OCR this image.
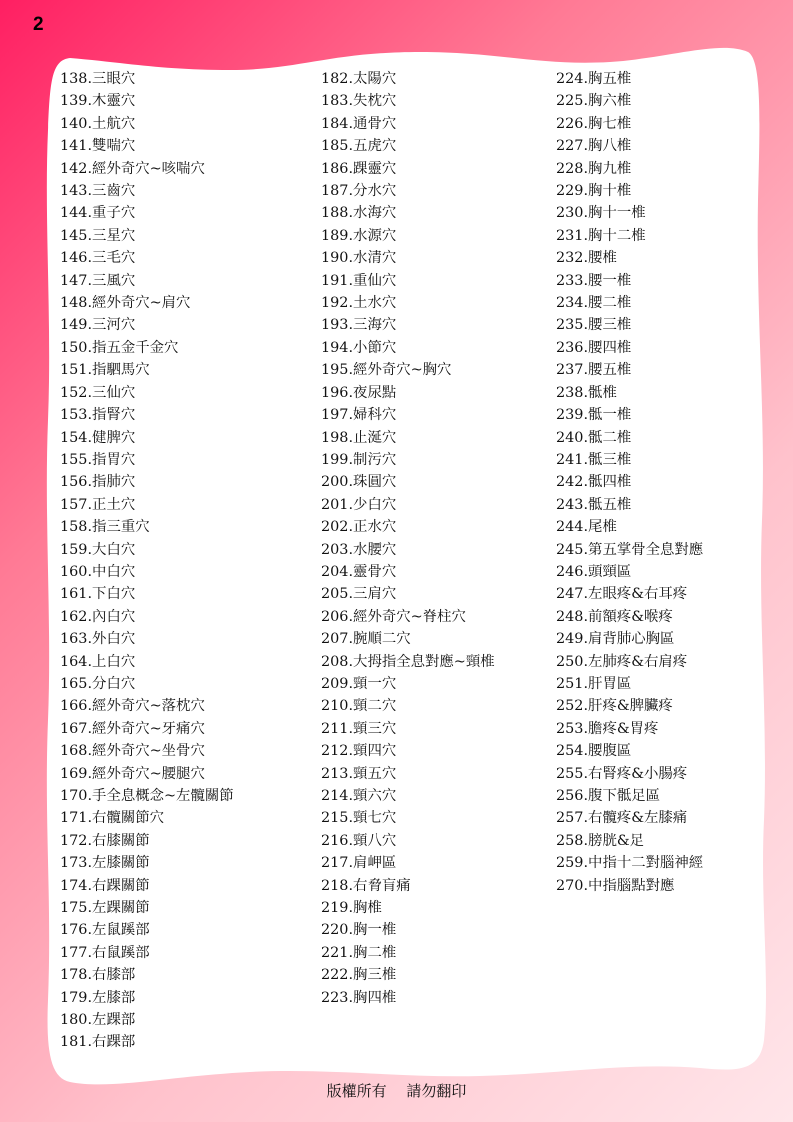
2
138.三眼穴
139.木靈穴
140.土航穴
141.雙喘穴
142.經外奇穴~咳喘穴
143.三齒穴
144.重子穴
145.三星穴
146.三毛穴
147.三風穴
148.經外奇穴~肩穴
149.三河穴
150.指五金千金穴
151.指駟馬穴
152.三仙穴
153.指腎穴
154.健脾穴
155.指胃穴
156.指肺穴
157.正土穴
158.指三重穴
159.大白穴
160.中白穴
161.下白穴
162.內白穴
163.外白穴
164.上白穴
165.分白穴
166.經外奇穴~落枕穴
167.經外奇穴~牙痛穴
168.經外奇穴~坐骨穴
169.經外奇穴~腰腿穴
170.手全息概念~左髖關節
171.右髖關節穴
172.右膝關節
173.左膝關節
174.右踝關節
175.左踝關節
176.左鼠蹊部
177.右鼠蹊部
178.右膝部
179.左膝部
180.左踝部
181.右踝部
182.太陽穴
183.失枕穴
184.通骨穴
185.五虎穴
186.踝靈穴
187.分水穴
188.水海穴
189.水源穴
190.水清穴
191.重仙穴
192.土水穴
193.三海穴
194.小節穴
195.經外奇穴~胸穴
196.夜尿點
197.婦科穴
198.止涎穴
199.制污穴
200.珠圓穴
201.少白穴
202.正水穴
203.水腰穴
204.靈骨穴
205.三肩穴
206.經外奇穴~脊柱穴
207.腕順二穴
208.大拇指全息對應~頸椎
209.頸一穴
210.頸二穴
211.頸三穴
212.頸四穴
213.頸五穴
214.頸六穴
215.頸七穴
216.頸八穴
217.肩岬區
218.右脅肓痛
219.胸椎
220.胸一椎
221.胸二椎
222.胸三椎
223.胸四椎
224.胸五椎
225.胸六椎
226.胸七椎
227.胸八椎
228.胸九椎
229.胸十椎
230.胸十一椎
231.胸十二椎
232.腰椎
233.腰一椎
234.腰二椎
235.腰三椎
236.腰四椎
237.腰五椎
238.骶椎
239.骶一椎
240.骶二椎
241.骶三椎
242.骶四椎
243.骶五椎
244.尾椎
245.第五掌骨全息對應
246.頭頸區
247.左眼疼&右耳疼
248.前額疼&喉疼
249.肩背肺心胸區
250.左肺疼&右肩疼
251.肝胃區
252.肝疼&脾臟疼
253.膽疼&胃疼
254.腰腹區
255.右腎疼&小腸疼
256.腹下骶足區
257.右髖疼&左膝痛
258.膀胱&足
259.中指十二對腦神經
270.中指腦點對應
版權所有　 請勿翻印
